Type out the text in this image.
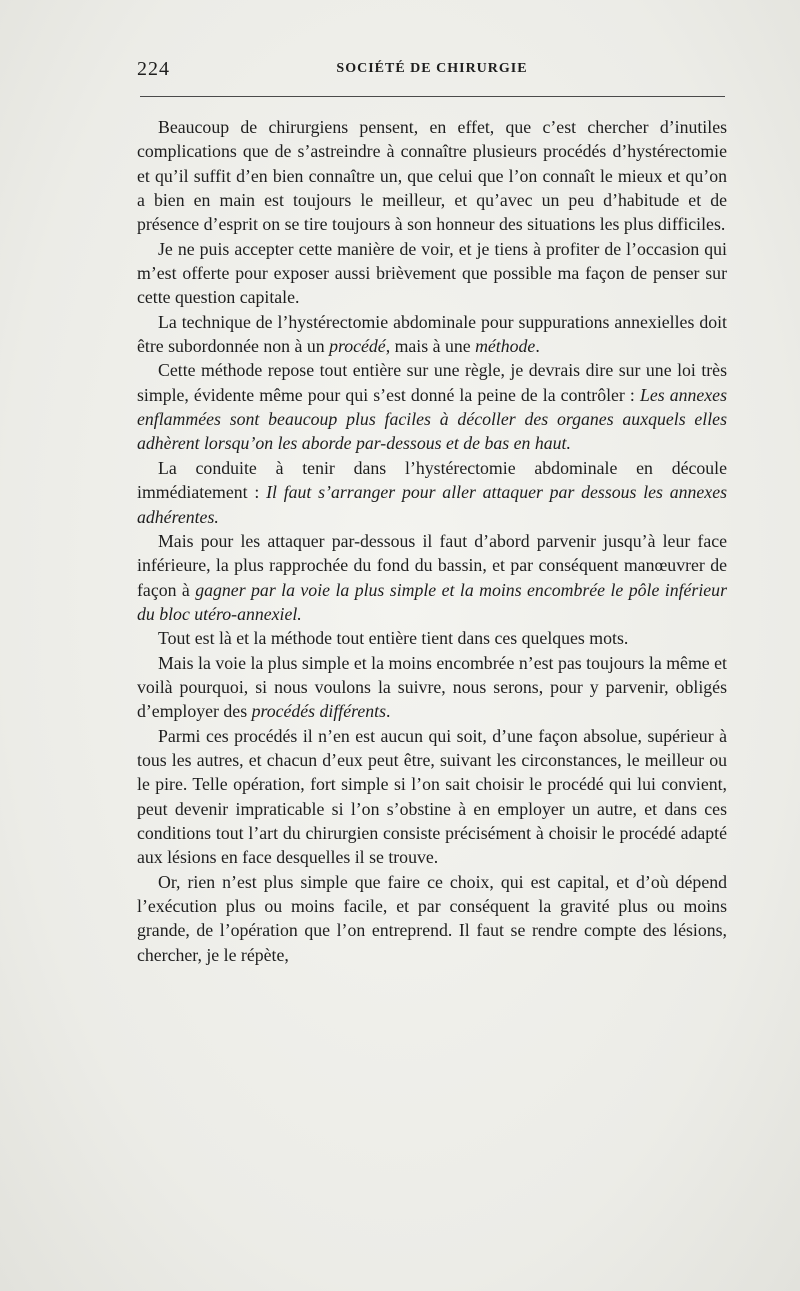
224	SOCIÉTÉ DE CHIRURGIE

Beaucoup de chirurgiens pensent, en effet, que c’est chercher d’inutiles complications que de s’astreindre à connaître plusieurs procédés d’hystérectomie et qu’il suffit d’en bien connaître un, que celui que l’on connaît le mieux et qu’on a bien en main est toujours le meilleur, et qu’avec un peu d’habitude et de présence d’esprit on se tire toujours à son honneur des situations les plus difficiles.

Je ne puis accepter cette manière de voir, et je tiens à profiter de l’occasion qui m’est offerte pour exposer aussi brièvement que possible ma façon de penser sur cette question capitale.

La technique de l’hystérectomie abdominale pour suppurations annexielles doit être subordonnée non à un procédé, mais à une méthode.

Cette méthode repose tout entière sur une règle, je devrais dire sur une loi très simple, évidente même pour qui s’est donné la peine de la contrôler : Les annexes enflammées sont beaucoup plus faciles à décoller des organes auxquels elles adhèrent lorsqu’on les aborde par-dessous et de bas en haut.

La conduite à tenir dans l’hystérectomie abdominale en découle immédiatement : Il faut s’arranger pour aller attaquer par dessous les annexes adhérentes.

Mais pour les attaquer par-dessous il faut d’abord parvenir jusqu’à leur face inférieure, la plus rapprochée du fond du bassin, et par conséquent manœuvrer de façon à gagner par la voie la plus simple et la moins encombrée le pôle inférieur du bloc utéro-annexiel.

Tout est là et la méthode tout entière tient dans ces quelques mots.

Mais la voie la plus simple et la moins encombrée n’est pas toujours la même et voilà pourquoi, si nous voulons la suivre, nous serons, pour y parvenir, obligés d’employer des procédés différents.

Parmi ces procédés il n’en est aucun qui soit, d’une façon absolue, supérieur à tous les autres, et chacun d’eux peut être, suivant les circonstances, le meilleur ou le pire. Telle opération, fort simple si l’on sait choisir le procédé qui lui convient, peut devenir impraticable si l’on s’obstine à en employer un autre, et dans ces conditions tout l’art du chirurgien consiste précisément à choisir le procédé adapté aux lésions en face desquelles il se trouve.

Or, rien n’est plus simple que faire ce choix, qui est capital, et d’où dépend l’exécution plus ou moins facile, et par conséquent la gravité plus ou moins grande, de l’opération que l’on entreprend. Il faut se rendre compte des lésions, chercher, je le répète,
